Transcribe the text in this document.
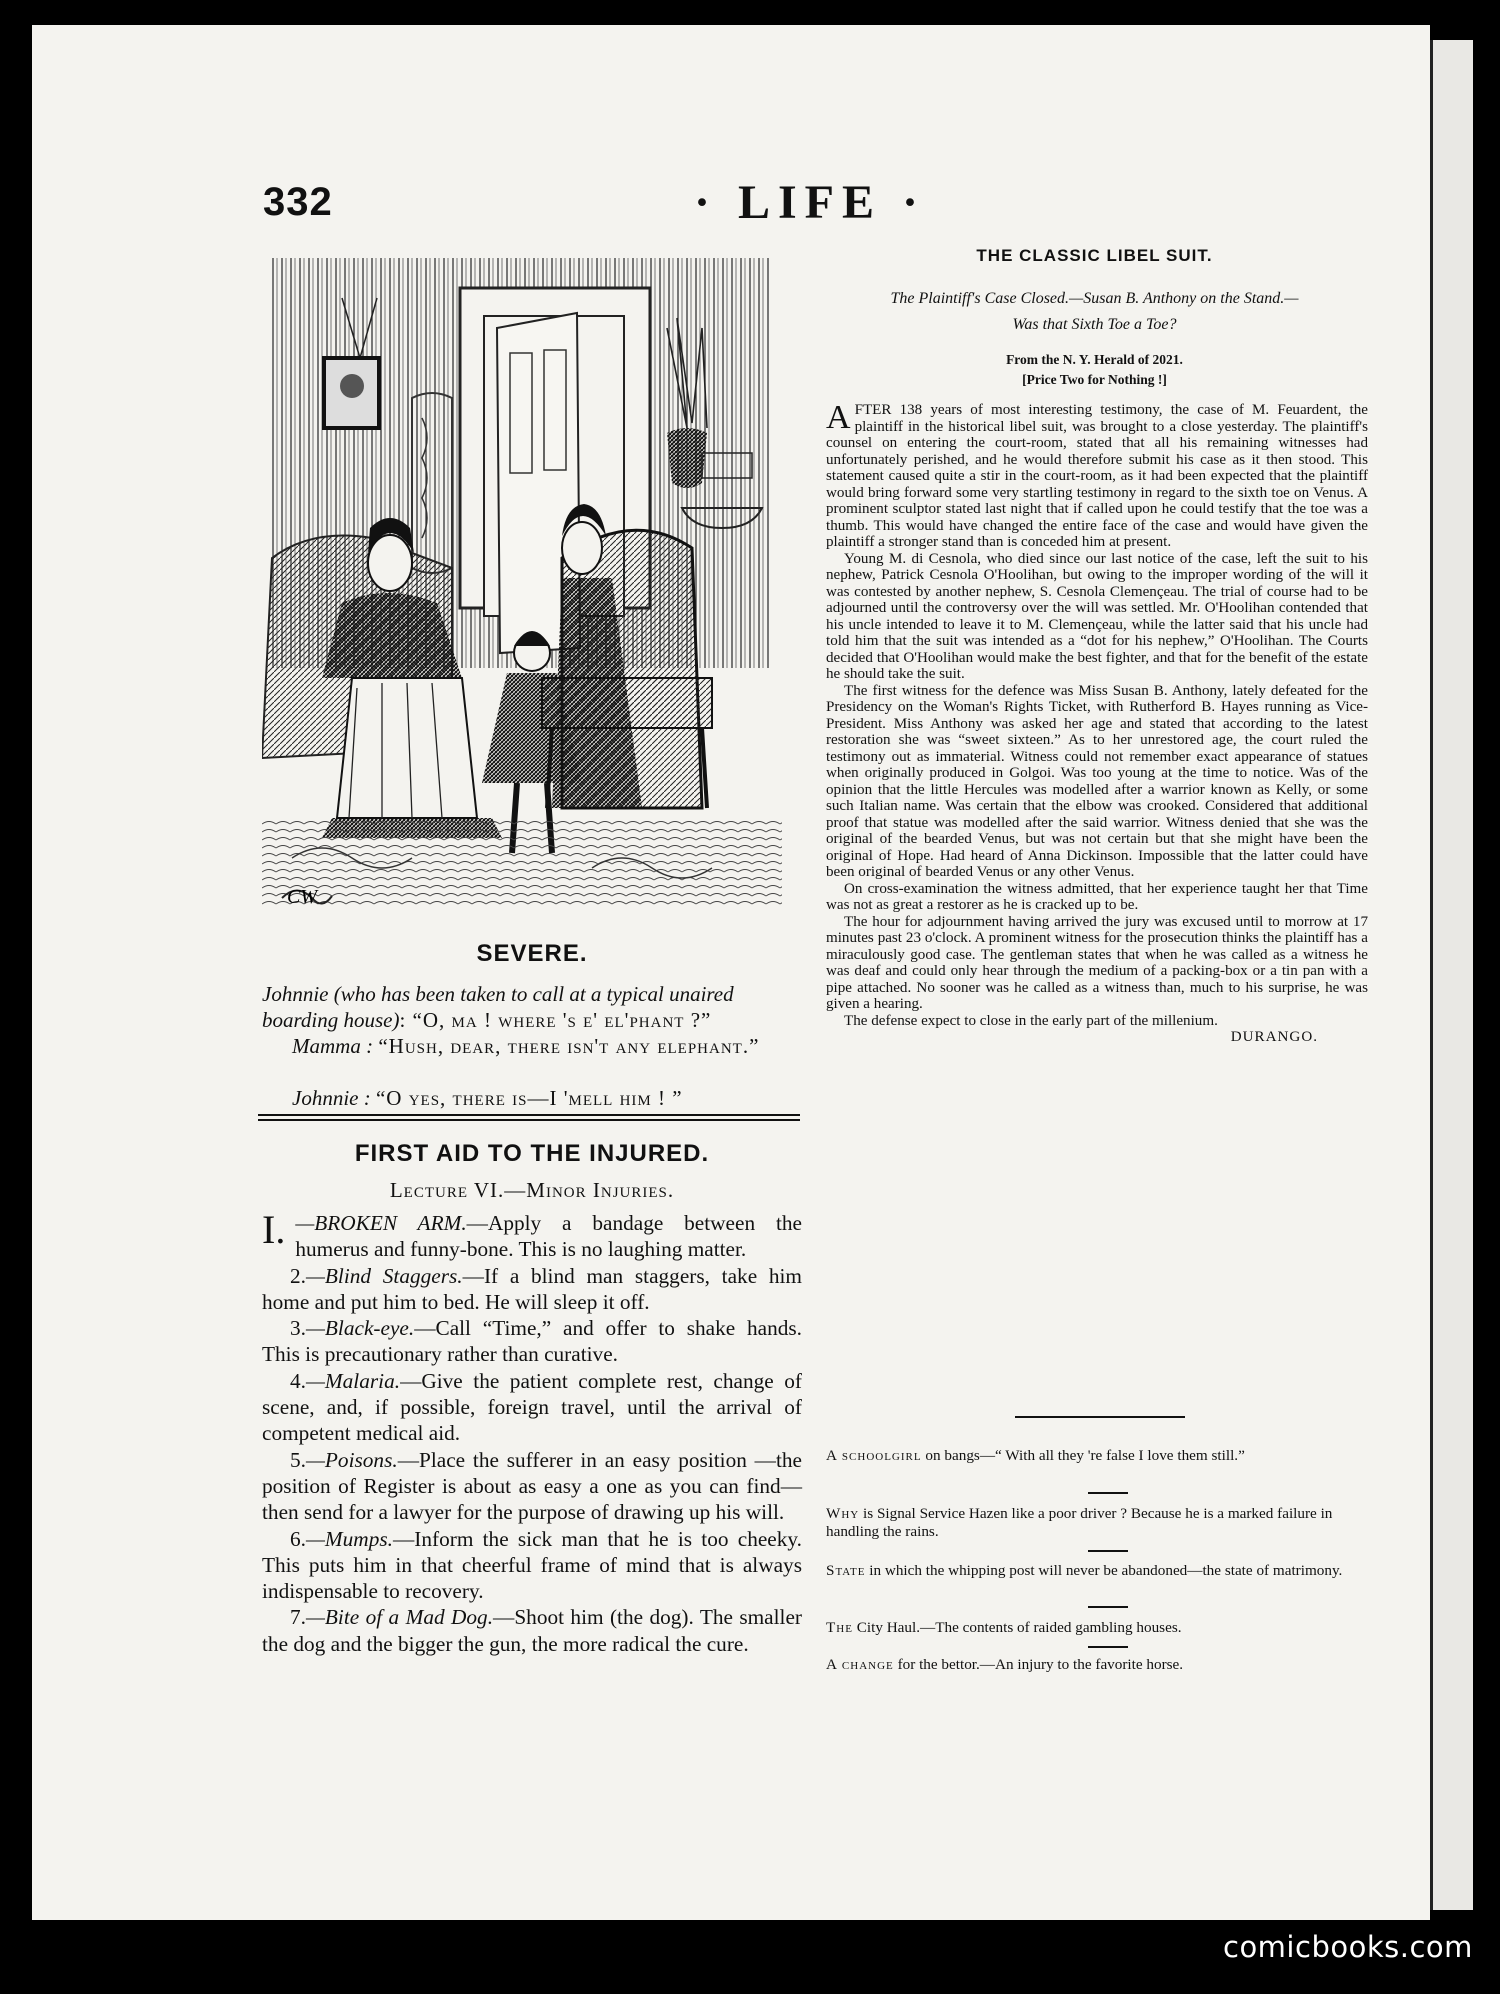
332	· LIFE ·
CW
SEVERE.
Johnnie (who has been taken to call at a typical unaired boarding house): “O, ma ! where 's e' el'phant ?”
Mamma : “Hush, dear, there isn't any elephant.”
Johnnie : “O yes, there is—I 'mell him ! ”
FIRST AID TO THE INJURED.
Lecture VI.—Minor Injuries.

I. —BROKEN ARM.—Apply a bandage between the humerus and funny-bone. This is no laughing matter.

2.—Blind Staggers.—If a blind man staggers, take him home and put him to bed. He will sleep it off.

3.—Black-eye.—Call “Time,” and offer to shake hands. This is precautionary rather than curative.

4.—Malaria.—Give the patient complete rest, change of scene, and, if possible, foreign travel, until the arrival of competent medical aid.

5.—Poisons.—Place the sufferer in an easy position —the position of Register is about as easy a one as you can find—then send for a lawyer for the purpose of drawing up his will.

6.—Mumps.—Inform the sick man that he is too cheeky. This puts him in that cheerful frame of mind that is always indispensable to recovery.

7.—Bite of a Mad Dog.—Shoot him (the dog). The smaller the dog and the bigger the gun, the more radical the cure.

THE CLASSIC LIBEL SUIT.
The Plaintiff's Case Closed.—Susan B. Anthony on the Stand.—
Was that Sixth Toe a Toe?
From the N. Y. Herald of 2021.
[Price Two for Nothing !]

AFTER 138 years of most interesting testimony, the case of M. Feuardent, the plaintiff in the historical libel suit, was brought to a close yesterday. The plaintiff's counsel on entering the court-room, stated that all his remaining witnesses had unfortunately perished, and he would therefore submit his case as it then stood. This statement caused quite a stir in the court-room, as it had been expected that the plaintiff would bring forward some very startling testimony in regard to the sixth toe on Venus. A prominent sculptor stated last night that if called upon he could testify that the toe was a thumb. This would have changed the entire face of the case and would have given the plaintiff a stronger stand than is conceded him at present.

Young M. di Cesnola, who died since our last notice of the case, left the suit to his nephew, Patrick Cesnola O'Hoolihan, but owing to the improper wording of the will it was contested by another nephew, S. Cesnola Clemençeau. The trial of course had to be adjourned until the controversy over the will was settled. Mr. O'Hoolihan contended that his uncle intended to leave it to M. Clemençeau, while the latter said that his uncle had told him that the suit was intended as a “dot for his nephew,” O'Hoolihan. The Courts decided that O'Hoolihan would make the best fighter, and that for the benefit of the estate he should take the suit.

The first witness for the defence was Miss Susan B. Anthony, lately defeated for the Presidency on the Woman's Rights Ticket, with Rutherford B. Hayes running as Vice-President. Miss Anthony was asked her age and stated that according to the latest restoration she was “sweet sixteen.” As to her unrestored age, the court ruled the testimony out as immaterial. Witness could not remember exact appearance of statues when originally produced in Golgoi. Was too young at the time to notice. Was of the opinion that the little Hercules was modelled after a warrior known as Kelly, or some such Italian name. Was certain that the elbow was crooked. Considered that additional proof that statue was modelled after the said warrior. Witness denied that she was the original of the bearded Venus, but was not certain but that she might have been the original of Hope. Had heard of Anna Dickinson. Impossible that the latter could have been original of bearded Venus or any other Venus.

On cross-examination the witness admitted, that her experience taught her that Time was not as great a restorer as he is cracked up to be.

The hour for adjournment having arrived the jury was excused until to morrow at 17 minutes past 23 o'clock. A prominent witness for the prosecution thinks the plaintiff has a miraculously good case. The gentleman states that when he was called as a witness he was deaf and could only hear through the medium of a packing-box or a tin pan with a pipe attached. No sooner was he called as a witness than, much to his surprise, he was given a hearing.

The defense expect to close in the early part of the millenium.

DURANGO.
A schoolgirl on bangs—“ With all they 're false I love them still.”
Why is Signal Service Hazen like a poor driver ? Because he is a marked failure in handling the rains.
State in which the whipping post will never be abandoned—the state of matrimony.
The City Haul.—The contents of raided gambling houses.
A change for the bettor.—An injury to the favorite horse.
comicbooks.com
